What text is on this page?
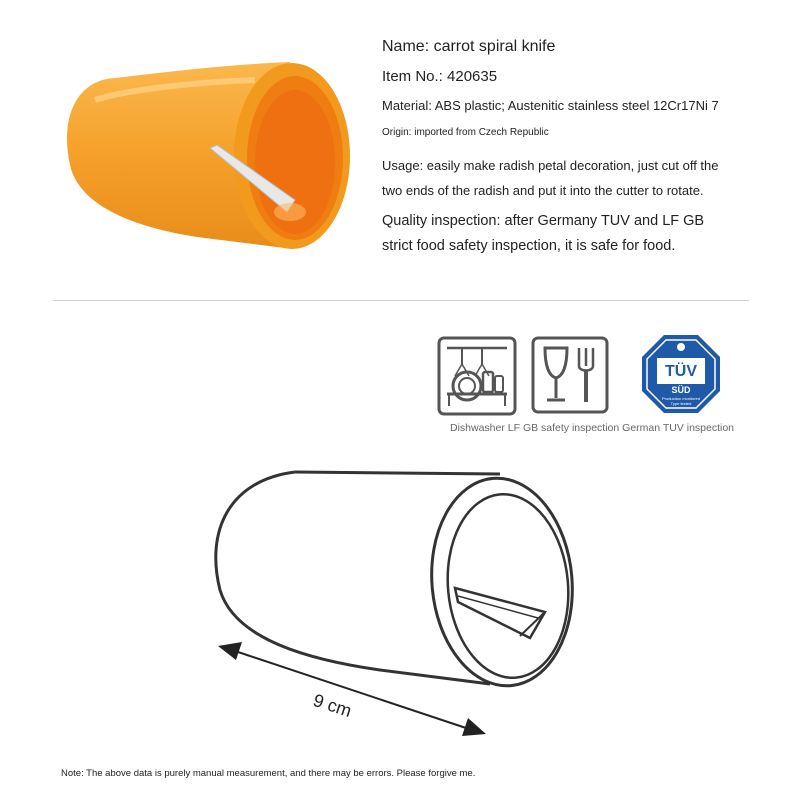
Name: carrot spiral knife
Item No.: 420635
Material: ABS plastic; Austenitic stainless steel 12Cr17Ni 7
Origin: imported from Czech Republic
Usage: easily make radish petal decoration, just cut off the two ends of the radish and put it into the cutter to rotate.
Quality inspection: after Germany TUV and LF GB strict food safety inspection, it is safe for food.
TÜV
SÜD
Production monitored
Type tested
Dishwasher LF GB safety inspection German TUV inspection
9 cm
Note: The above data is purely manual measurement, and there may be errors. Please forgive me.
